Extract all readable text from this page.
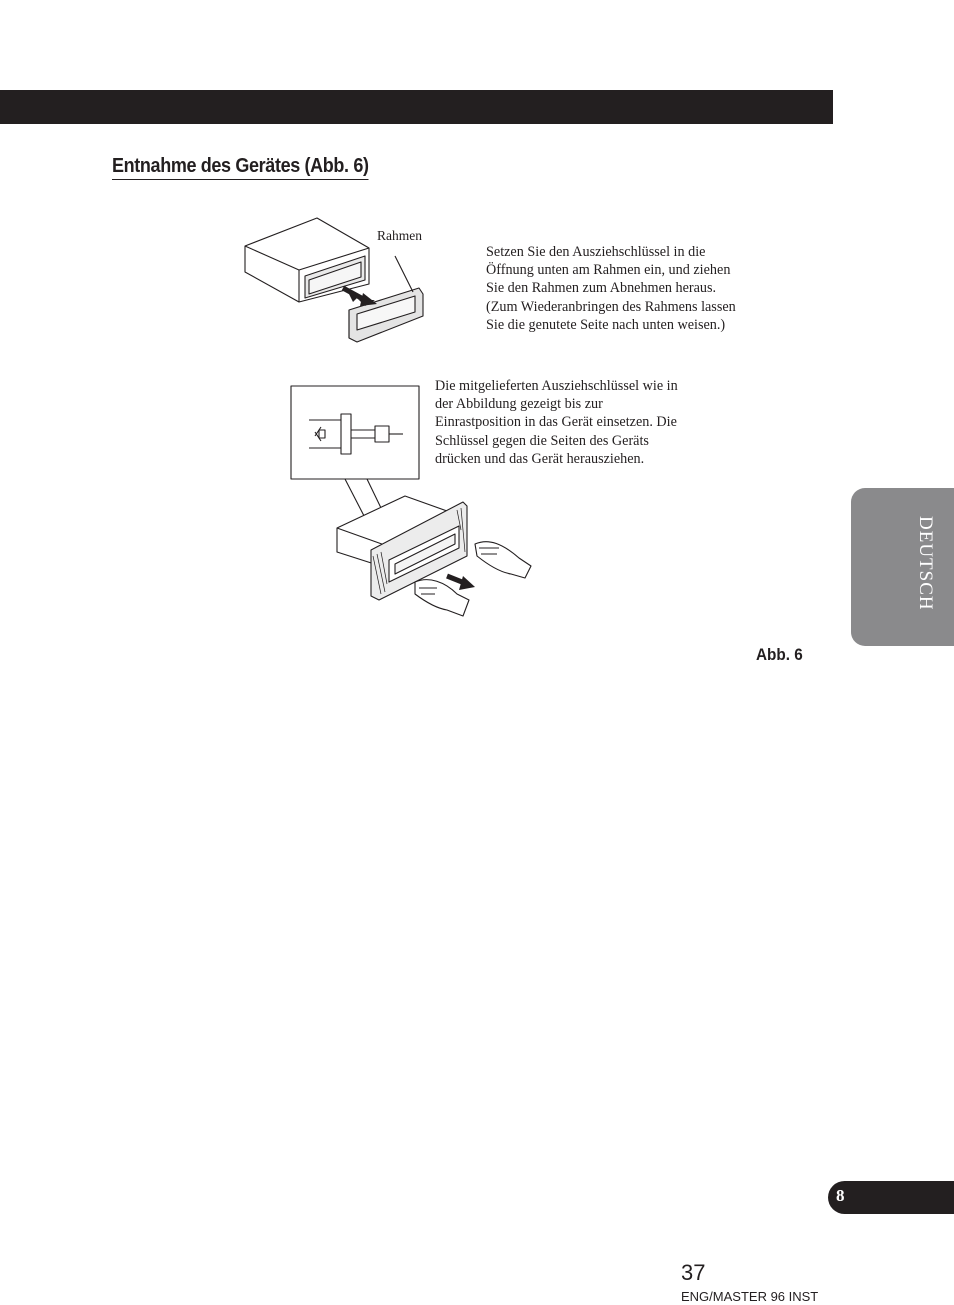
Entnahme des Gerätes (Abb. 6)
Rahmen
Setzen Sie den Ausziehschlüssel in die
Öffnung unten am Rahmen ein, und ziehen
Sie den Rahmen zum Abnehmen heraus.
(Zum Wiederanbringen des Rahmens lassen
Sie die genutete Seite nach unten weisen.)
Die mitgelieferten Ausziehschlüssel wie in
der Abbildung gezeigt bis zur
Einrastposition in das Gerät einsetzen. Die
Schlüssel gegen die Seiten des Geräts
drücken und das Gerät herausziehen.
Abb. 6
DEUTSCH
8
37
ENG/MASTER 96 INST
